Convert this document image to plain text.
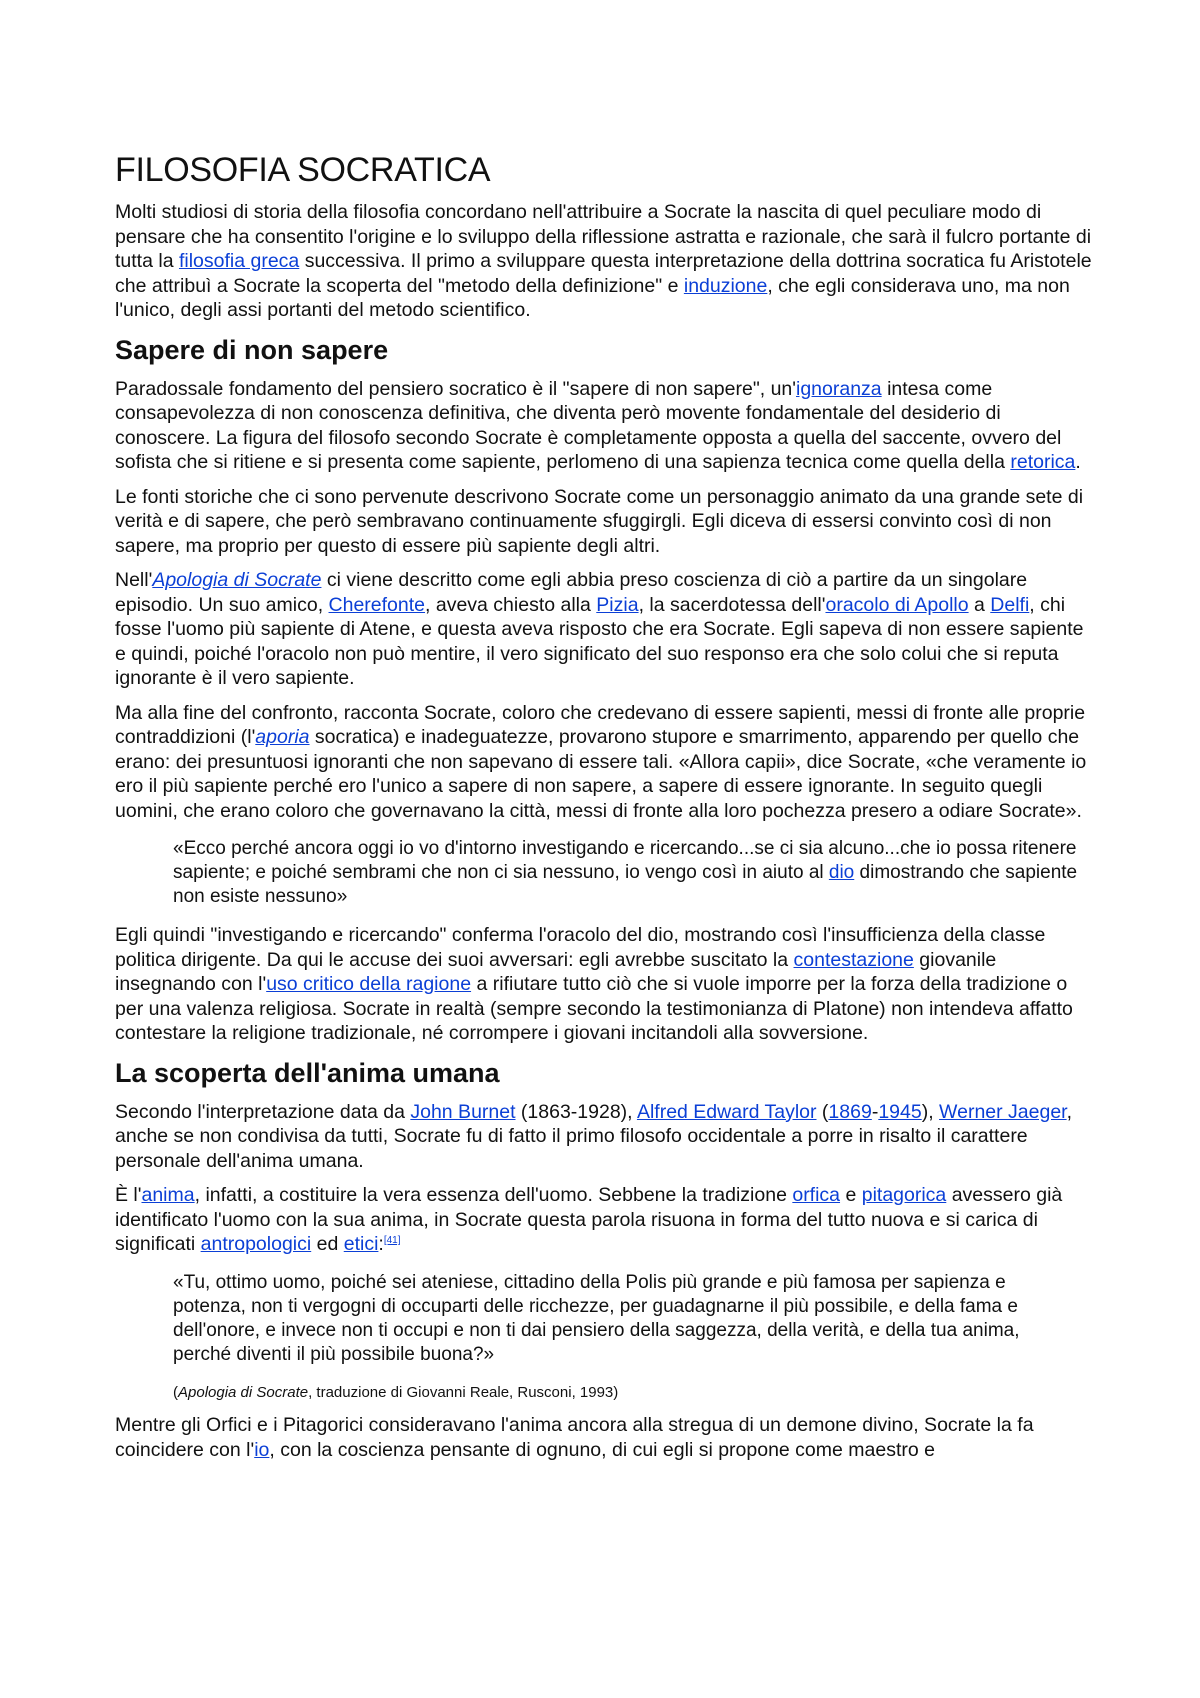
FILOSOFIA SOCRATICA

Molti studiosi di storia della filosofia concordano nell'attribuire a Socrate la nascita di quel peculiare modo di pensare che ha consentito l'origine e lo sviluppo della riflessione astratta e razionale, che sarà il fulcro portante di tutta la filosofia greca successiva. Il primo a sviluppare questa interpretazione della dottrina socratica fu Aristotele che attribuì a Socrate la scoperta del "metodo della definizione" e induzione, che egli considerava uno, ma non l'unico, degli assi portanti del metodo scientifico.

Sapere di non sapere

Paradossale fondamento del pensiero socratico è il "sapere di non sapere", un'ignoranza intesa come consapevolezza di non conoscenza definitiva, che diventa però movente fondamentale del desiderio di conoscere. La figura del filosofo secondo Socrate è completamente opposta a quella del saccente, ovvero del sofista che si ritiene e si presenta come sapiente, perlomeno di una sapienza tecnica come quella della retorica.

Le fonti storiche che ci sono pervenute descrivono Socrate come un personaggio animato da una grande sete di verità e di sapere, che però sembravano continuamente sfuggirgli. Egli diceva di essersi convinto così di non sapere, ma proprio per questo di essere più sapiente degli altri.

Nell'Apologia di Socrate ci viene descritto come egli abbia preso coscienza di ciò a partire da un singolare episodio. Un suo amico, Cherefonte, aveva chiesto alla Pizia, la sacerdotessa dell'oracolo di Apollo a Delfi, chi fosse l'uomo più sapiente di Atene, e questa aveva risposto che era Socrate. Egli sapeva di non essere sapiente e quindi, poiché l'oracolo non può mentire, il vero significato del suo responso era che solo colui che si reputa ignorante è il vero sapiente.

Ma alla fine del confronto, racconta Socrate, coloro che credevano di essere sapienti, messi di fronte alle proprie contraddizioni (l'aporia socratica) e inadeguatezze, provarono stupore e smarrimento, apparendo per quello che erano: dei presuntuosi ignoranti che non sapevano di essere tali. «Allora capii», dice Socrate, «che veramente io ero il più sapiente perché ero l'unico a sapere di non sapere, a sapere di essere ignorante. In seguito quegli uomini, che erano coloro che governavano la città, messi di fronte alla loro pochezza presero a odiare Socrate».

«Ecco perché ancora oggi io vo d'intorno investigando e ricercando...se ci sia alcuno...che io possa ritenere sapiente; e poiché sembrami che non ci sia nessuno, io vengo così in aiuto al dio dimostrando che sapiente non esiste nessuno»

Egli quindi "investigando e ricercando" conferma l'oracolo del dio, mostrando così l'insufficienza della classe politica dirigente. Da qui le accuse dei suoi avversari: egli avrebbe suscitato la contestazione giovanile insegnando con l'uso critico della ragione a rifiutare tutto ciò che si vuole imporre per la forza della tradizione o per una valenza religiosa. Socrate in realtà (sempre secondo la testimonianza di Platone) non intendeva affatto contestare la religione tradizionale, né corrompere i giovani incitandoli alla sovversione.

La scoperta dell'anima umana

Secondo l'interpretazione data da John Burnet (1863-1928), Alfred Edward Taylor (1869-1945), Werner Jaeger, anche se non condivisa da tutti, Socrate fu di fatto il primo filosofo occidentale a porre in risalto il carattere personale dell'anima umana.

È l'anima, infatti, a costituire la vera essenza dell'uomo. Sebbene la tradizione orfica e pitagorica avessero già identificato l'uomo con la sua anima, in Socrate questa parola risuona in forma del tutto nuova e si carica di significati antropologici ed etici:[41]

«Tu, ottimo uomo, poiché sei ateniese, cittadino della Polis più grande e più famosa per sapienza e potenza, non ti vergogni di occuparti delle ricchezze, per guadagnarne il più possibile, e della fama e dell'onore, e invece non ti occupi e non ti dai pensiero della saggezza, della verità, e della tua anima, perché diventi il più possibile buona?»

(Apologia di Socrate, traduzione di Giovanni Reale, Rusconi, 1993)

Mentre gli Orfici e i Pitagorici consideravano l'anima ancora alla stregua di un demone divino, Socrate la fa coincidere con l'io, con la coscienza pensante di ognuno, di cui egli si propone come maestro e
